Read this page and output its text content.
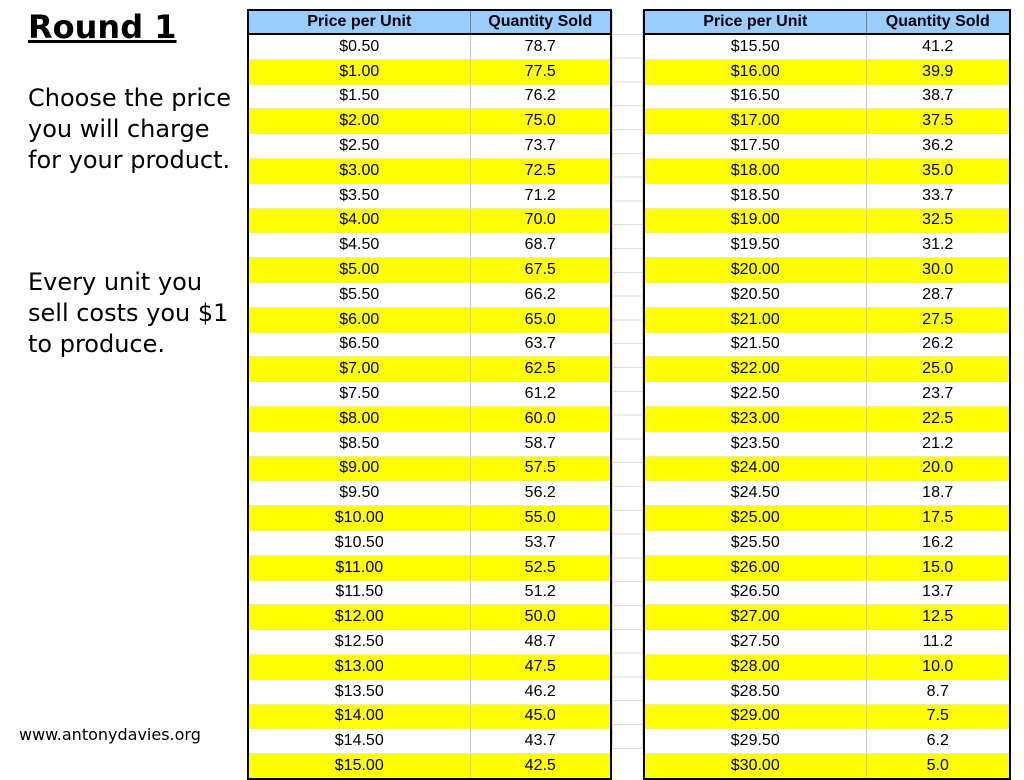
Round 1
Choose the price you will charge for your product.
Every unit you sell costs you $1 to produce.
www.antonydavies.org
Price per Unit	Quantity Sold
$0.50	78.7
$1.00	77.5
$1.50	76.2
$2.00	75.0
$2.50	73.7
$3.00	72.5
$3.50	71.2
$4.00	70.0
$4.50	68.7
$5.00	67.5
$5.50	66.2
$6.00	65.0
$6.50	63.7
$7.00	62.5
$7.50	61.2
$8.00	60.0
$8.50	58.7
$9.00	57.5
$9.50	56.2
$10.00	55.0
$10.50	53.7
$11.00	52.5
$11.50	51.2
$12.00	50.0
$12.50	48.7
$13.00	47.5
$13.50	46.2
$14.00	45.0
$14.50	43.7
$15.00	42.5
Price per Unit	Quantity Sold
$15.50	41.2
$16.00	39.9
$16.50	38.7
$17.00	37.5
$17.50	36.2
$18.00	35.0
$18.50	33.7
$19.00	32.5
$19.50	31.2
$20.00	30.0
$20.50	28.7
$21.00	27.5
$21.50	26.2
$22.00	25.0
$22.50	23.7
$23.00	22.5
$23.50	21.2
$24.00	20.0
$24.50	18.7
$25.00	17.5
$25.50	16.2
$26.00	15.0
$26.50	13.7
$27.00	12.5
$27.50	11.2
$28.00	10.0
$28.50	8.7
$29.00	7.5
$29.50	6.2
$30.00	5.0
